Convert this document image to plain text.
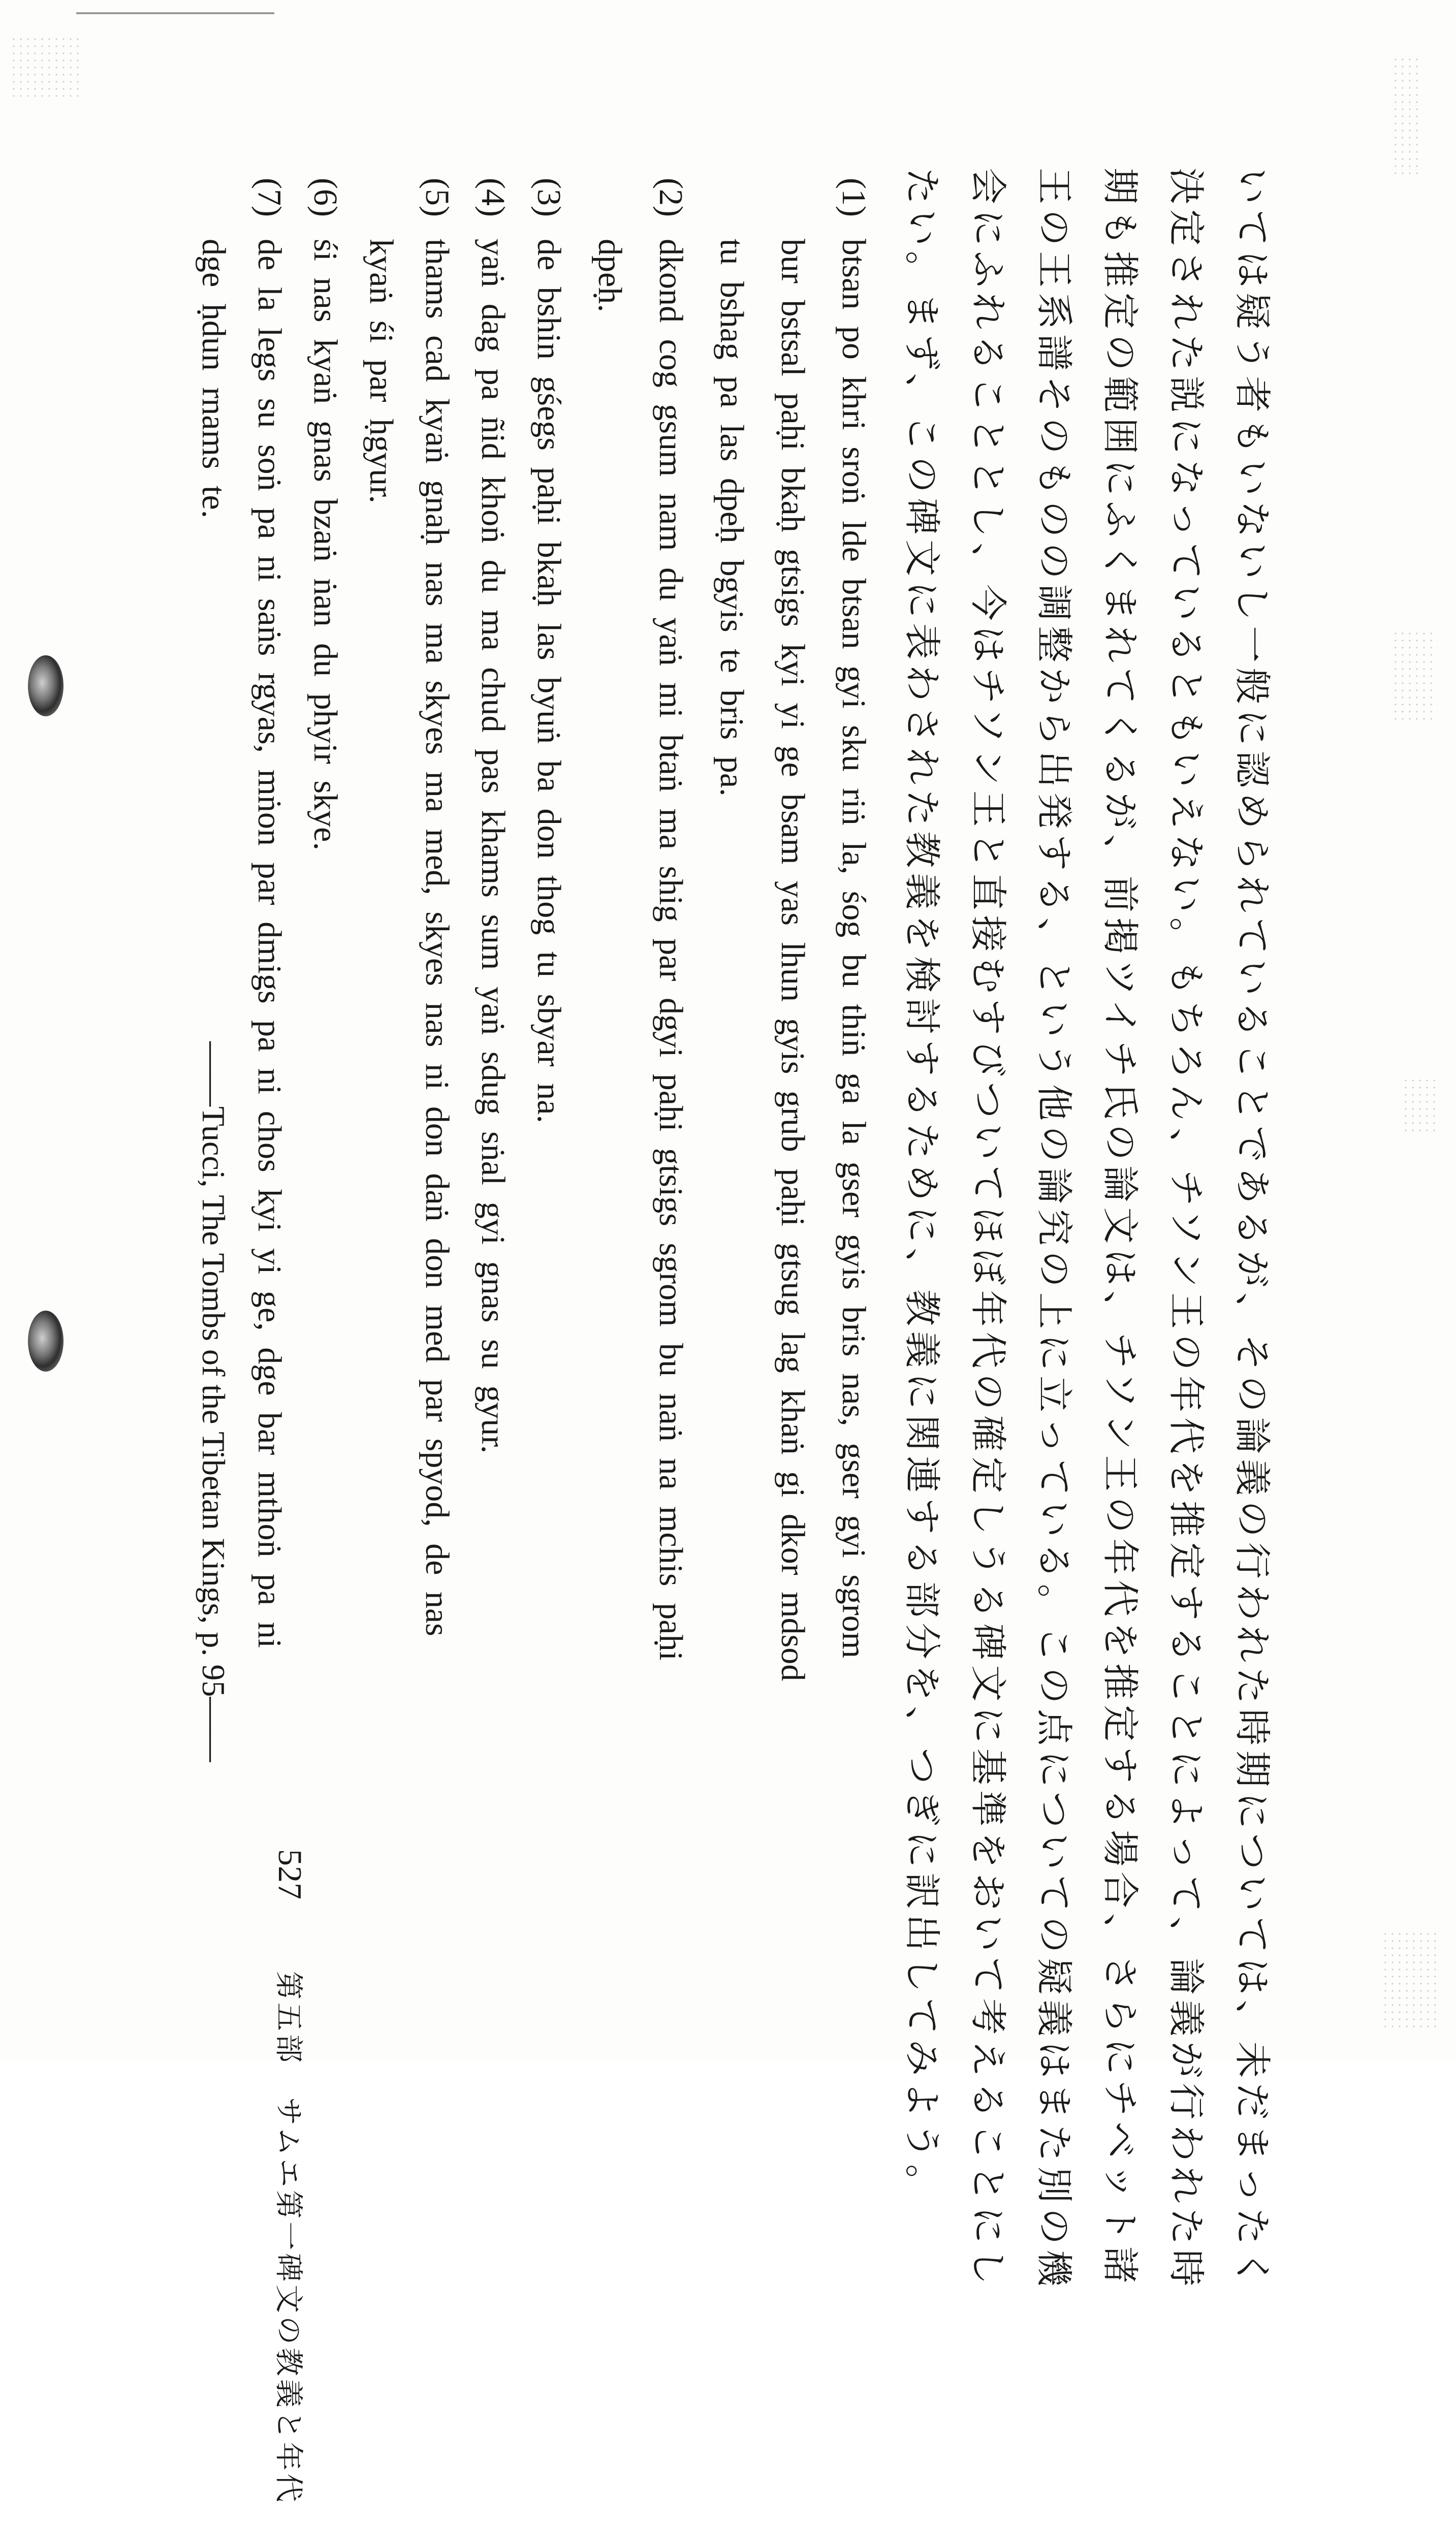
いては疑う者もいないし一般に認められていることであるが、その論義の行われた時期については、未だまったく
決定された説になっているともいえない。もちろん、チソン王の年代を推定することによって、論義が行われた時
期も推定の範囲にふくまれてくるが、前掲ツイチ氏の論文は、チソン王の年代を推定する場合、さらにチベット諸
王の王系譜そのものの調整から出発する、という他の論究の上に立っている。この点についての疑義はまた別の機
会にふれることとし、今はチソン王と直接むすびついてほぼ年代の確定しうる碑文に基準をおいて考えることにし
たい。まず、この碑文に表わされた教義を検討するために、教義に関連する部分を、つぎに訳出してみよう。
(1)btsan po khri sroṅ lde btsan gyi sku riṅ la, śog bu thiṅ ga la gser gyis bris nas, gser gyi sgrom
bur bstsal paḥi bkaḥ gtsigs kyi yi ge bsam yas lhun gyis grub paḥi gtsug lag khaṅ gi dkor mdsod
tu bshag pa las dpeḥ bgyis te bris pa.
(2)dkond cog gsum nam du yaṅ mi btaṅ ma shig par dgyi paḥi gtsigs sgrom bu naṅ na mchis paḥi
dpeḥ.
(3)de bshin gśegs paḥi bkaḥ las byuṅ ba don thog tu sbyar na.
(4)yaṅ dag pa ñid khoṅ du ma chud pas khams sum yaṅ sdug sṅal gyi gnas su gyur.
(5)thams cad kyaṅ gnaḥ nas ma skyes ma med, skyes nas ni don daṅ don med par spyod, de nas
kyaṅ śi par ḥgyur.
(6)śi nas kyaṅ gnas bzaṅ ṅan du phyir skye.
(7)de la legs su soṅ pa ni saṅs rgyas, mṅon par dmigs pa ni chos kyi yi ge, dge bar mthoṅ pa ni
dge ḥdun rnams te.
——Tucci, The Tombs of the Tibetan Kings, p. 95——
527第五部　サムエ第一碑文の教義と年代
